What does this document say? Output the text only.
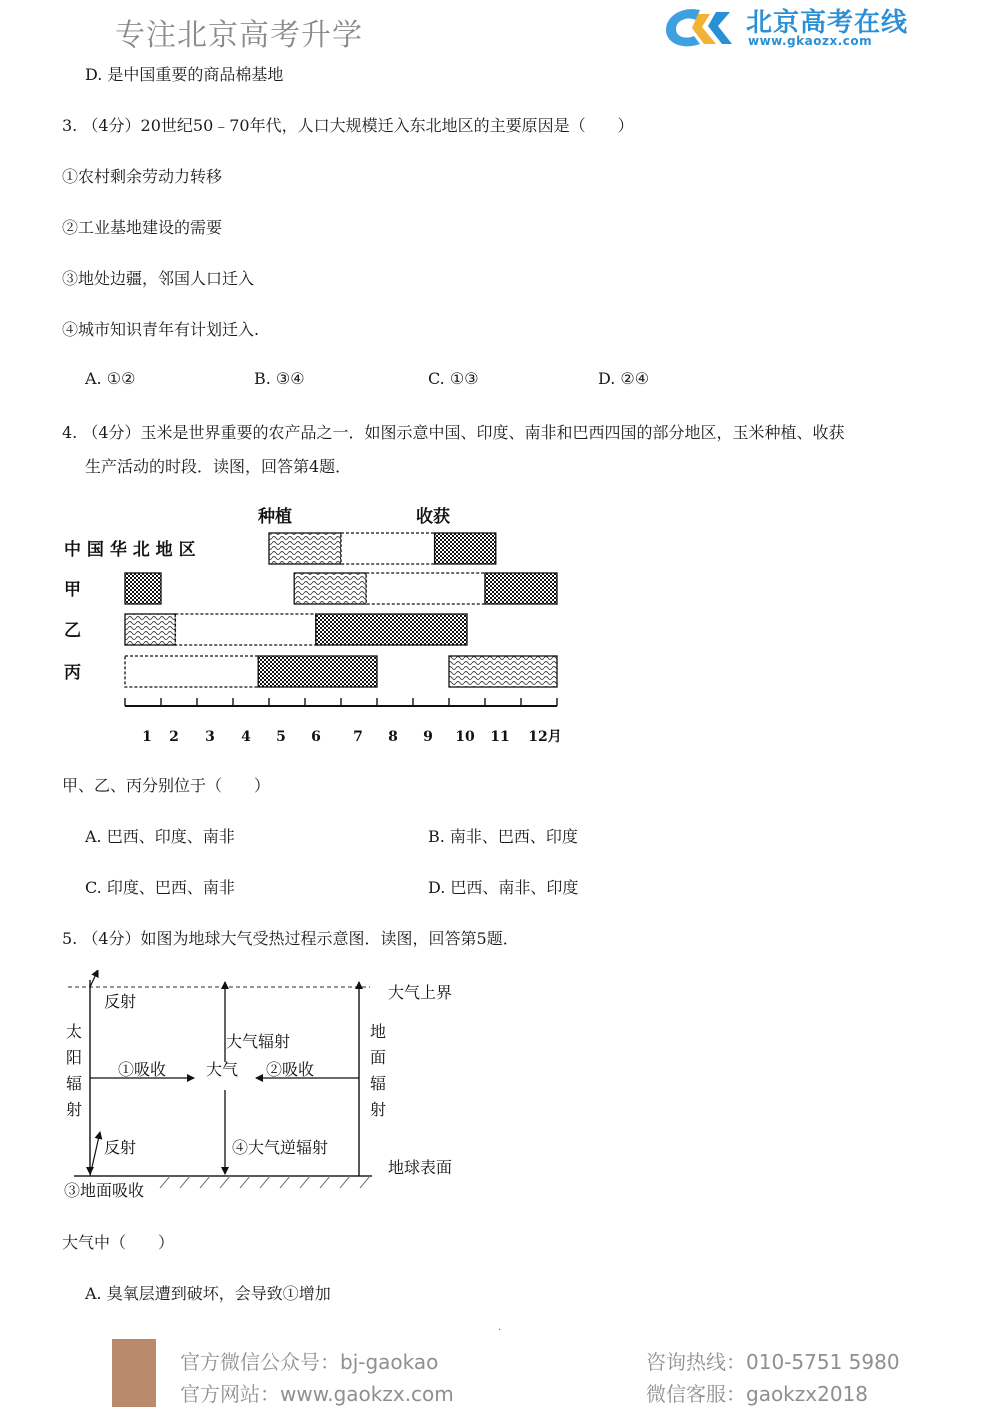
专注北京高考升学	北京高考在线
www.gkaozx.com
D. 是中国重要的商品棉基地
3. （4分）20世纪50﹣70年代，人口大规模迁入东北地区的主要原因是（　　）
①农村剩余劳动力转移
②工业基地建设的需要
③地处边疆，邻国人口迁入
④城市知识青年有计划迁入.
A. ①②	B. ③④	C. ①③	D. ②④
4. （4分）玉米是世界重要的农产品之一．如图示意中国、印度、南非和巴西四国的部分地区，玉米种植、收获
生产活动的时段．读图，回答第4题．
种植	收获
中 国 华 北 地 区
甲
乙
丙
1 2 3 4 5 6 7 8 9 10 11 12月
甲、乙、丙分别位于（　　）
A. 巴西、印度、南非	B. 南非、巴西、印度
C. 印度、巴西、南非	D. 巴西、南非、印度
5. （4分）如图为地球大气受热过程示意图．读图，回答第5题．
大气上界
地球表面
反射
反射
太
阳
辐
射
地
面
辐
射
大气辐射
①吸收 大气 ②吸收
④大气逆辐射
③地面吸收
大气中（　　）
A. 臭氧层遭到破坏，会导致①增加
.
官方微信公众号：bj-gaokao
官方网站：www.gaokzx.com
咨询热线：010-5751 5980
微信客服：gaokzx2018
